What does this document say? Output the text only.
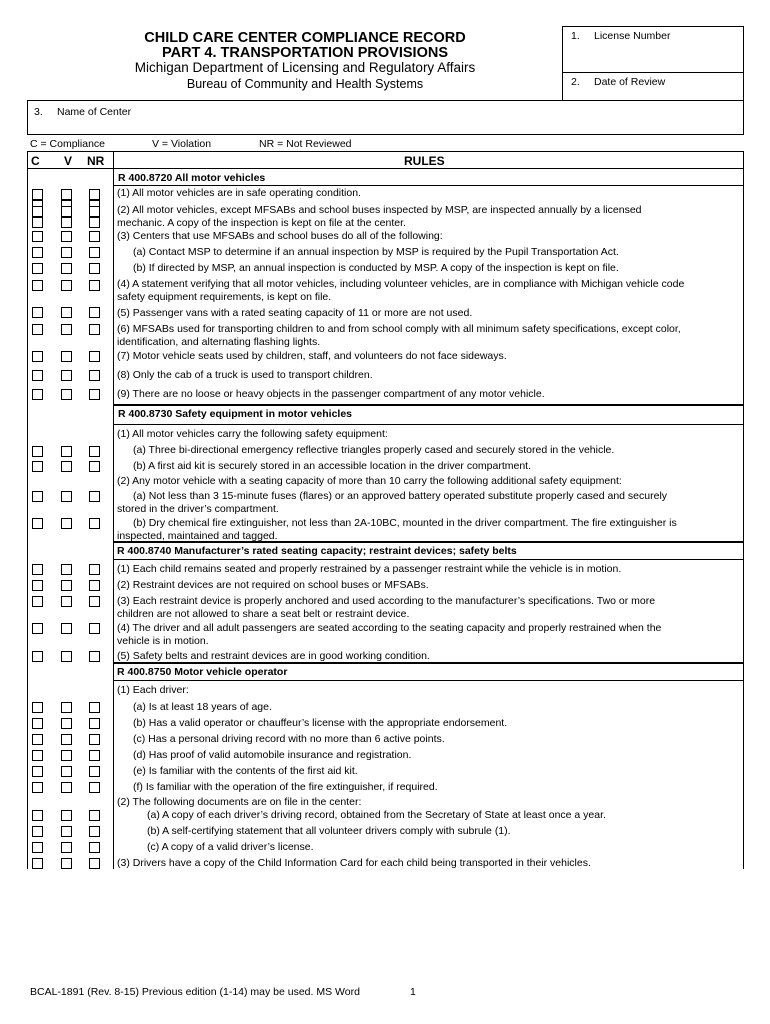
CHILD CARE CENTER COMPLIANCE RECORD
PART 4. TRANSPORTATION PROVISIONS
Michigan Department of Licensing and Regulatory Affairs
Bureau of Community and Health Systems
1. License Number
2. Date of Review
3. Name of Center
C = Compliance	V = Violation	NR = Not Reviewed
C V NR	RULES
R 400.8720 All motor vehicles
(1) All motor vehicles are in safe operating condition.
(2) All motor vehicles, except MFSABs and school buses inspected by MSP, are inspected annually by a licensed
mechanic. A copy of the inspection is kept on file at the center.
(3) Centers that use MFSABs and school buses do all of the following:
(a) Contact MSP to determine if an annual inspection by MSP is required by the Pupil Transportation Act.
(b) If directed by MSP, an annual inspection is conducted by MSP. A copy of the inspection is kept on file.
(4) A statement verifying that all motor vehicles, including volunteer vehicles, are in compliance with Michigan vehicle code
safety equipment requirements, is kept on file.
(5) Passenger vans with a rated seating capacity of 11 or more are not used.
(6) MFSABs used for transporting children to and from school comply with all minimum safety specifications, except color,
identification, and alternating flashing lights.
(7) Motor vehicle seats used by children, staff, and volunteers do not face sideways.
(8) Only the cab of a truck is used to transport children.
(9) There are no loose or heavy objects in the passenger compartment of any motor vehicle.
R 400.8730 Safety equipment in motor vehicles
(1) All motor vehicles carry the following safety equipment:
(a) Three bi-directional emergency reflective triangles properly cased and securely stored in the vehicle.
(b) A first aid kit is securely stored in an accessible location in the driver compartment.
(2) Any motor vehicle with a seating capacity of more than 10 carry the following additional safety equipment:
(a) Not less than 3 15-minute fuses (flares) or an approved battery operated substitute properly cased and securely
stored in the driver’s compartment.
(b) Dry chemical fire extinguisher, not less than 2A-10BC, mounted in the driver compartment. The fire extinguisher is
inspected, maintained and tagged.
R 400.8740 Manufacturer’s rated seating capacity; restraint devices; safety belts
(1) Each child remains seated and properly restrained by a passenger restraint while the vehicle is in motion.
(2) Restraint devices are not required on school buses or MFSABs.
(3) Each restraint device is properly anchored and used according to the manufacturer’s specifications. Two or more
children are not allowed to share a seat belt or restraint device.
(4) The driver and all adult passengers are seated according to the seating capacity and properly restrained when the
vehicle is in motion.
(5) Safety belts and restraint devices are in good working condition.
R 400.8750 Motor vehicle operator
(1) Each driver:
(a) Is at least 18 years of age.
(b) Has a valid operator or chauffeur’s license with the appropriate endorsement.
(c) Has a personal driving record with no more than 6 active points.
(d) Has proof of valid automobile insurance and registration.
(e) Is familiar with the contents of the first aid kit.
(f) Is familiar with the operation of the fire extinguisher, if required.
(2) The following documents are on file in the center:
(a) A copy of each driver’s driving record, obtained from the Secretary of State at least once a year.
(b) A self-certifying statement that all volunteer drivers comply with subrule (1).
(c) A copy of a valid driver’s license.
(3) Drivers have a copy of the Child Information Card for each child being transported in their vehicles.
BCAL-1891 (Rev. 8-15) Previous edition (1-14) may be used. MS Word	1
